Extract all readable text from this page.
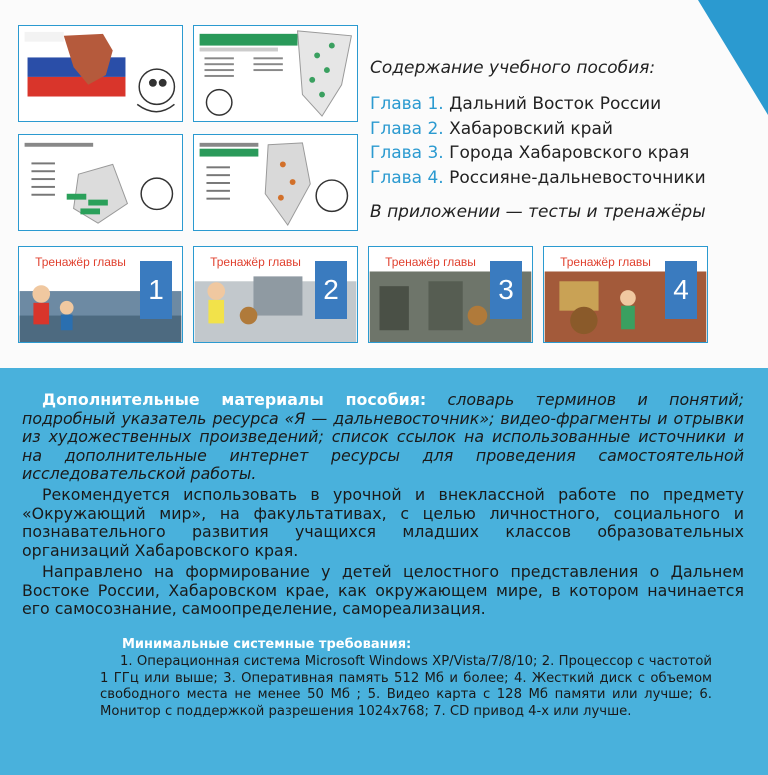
Содержание учебного пособия:
Глава 1. Дальний Восток России
Глава 2. Хабаровский край
Глава 3. Города Хабаровского края
Глава 4. Россияне-дальневосточники
В приложении — тесты и тренажёры
Тренажёр главы
1
Тренажёр главы
2
Тренажёр главы
3
Тренажёр главы
4
Дополнительные материалы пособия: словарь терминов и понятий; подробный указатель ресурса «Я — дальневосточник»; видео-фрагменты и отрывки из художественных произведений; список ссылок на использованные источники и на дополнительные интернет ресурсы для проведения самостоятельной исследовательской работы.
Рекомендуется использовать в урочной и внеклассной работе по предмету «Окружающий мир», на факультативах, с целью личностного, социального и познавательного развития учащихся младших классов образовательных организаций Хабаровского края.
Направлено на формирование у детей целостного представления о Дальнем Востоке России, Хабаровском крае, как окружающем мире, в котором начинается его самосознание, самоопределение, самореализация.
Минимальные системные требования:
1. Операционная система Microsoft Windows XP/Vista/7/8/10; 2. Процессор с частотой 1 ГГц или выше; 3. Оперативная память 512 Мб и более; 4. Жесткий диск с объемом свободного места не менее 50 Мб ; 5. Видео карта с 128 Мб памяти или лучше; 6. Монитор с поддержкой разрешения 1024x768; 7. CD привод 4-х или лучше.
